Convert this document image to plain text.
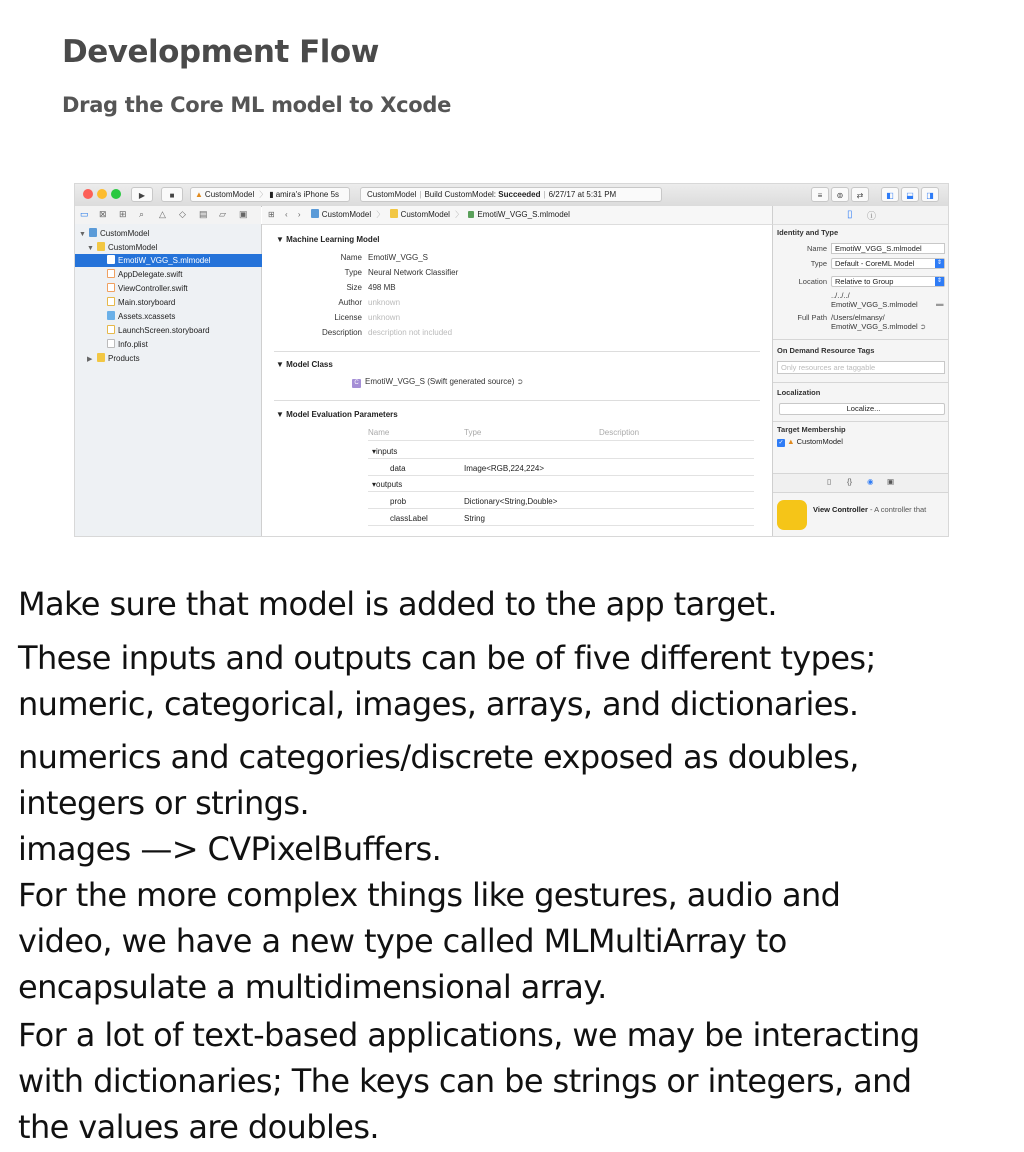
Development Flow
Drag the Core ML model to Xcode
▶	■	▲ CustomModel 〉 ▮ amira's iPhone 5s	CustomModel | Build CustomModel: Succeeded | 6/27/17 at 5:31 PM	≡	⊚	⇄	◧	⬓	◨
▭ ⊠ ⊞ ⌕ △ ◇ ▤ ▱ ▣
▼ CustomModel
▼ CustomModel
EmotiW_VGG_S.mlmodel
AppDelegate.swift
ViewController.swift
Main.storyboard
Assets.xcassets
LaunchScreen.storyboard
Info.plist
▶ Products
⊞ ‹ ›	CustomModel 〉 CustomModel 〉 EmotiW_VGG_S.mlmodel
▼ Machine Learning Model
Name EmotiW_VGG_S
Type Neural Network Classifier
Size 498 MB
Author unknown
License unknown
Description description not included
▼ Model Class
C EmotiW_VGG_S (Swift generated source) ➲
▼ Model Evaluation Parameters
Name	Type	Description
▾inputs
data	Image<RGB,224,224>
▾outputs
prob	Dictionary<String,Double>
classLabel	String
▯ ⓘ
Identity and Type
Name	EmotiW_VGG_S.mlmodel
Type	Default - CoreML Model	⇕
Location	Relative to Group	⇕
../../../
EmotiW_VGG_S.mlmodel ▬
Full Path /Users/elmansy/
EmotiW_VGG_S.mlmodel ➲
On Demand Resource Tags
Only resources are taggable
Localization
Localize...
Target Membership
✓ ▲ CustomModel
▯ {} ◉ ▣
View Controller - A controller that

Make sure that model is added to the app target.

These inputs and outputs can be of five different types;

numeric, categorical, images, arrays, and dictionaries.

numerics and categories/discrete exposed as doubles,

integers or strings.

images —> CVPixelBuffers.

For the more complex things like gestures, audio and

video, we have a new type called MLMultiArray to

encapsulate a multidimensional array.

For a lot of text-based applications, we may be interacting

with dictionaries; The keys can be strings or integers, and

the values are doubles.
